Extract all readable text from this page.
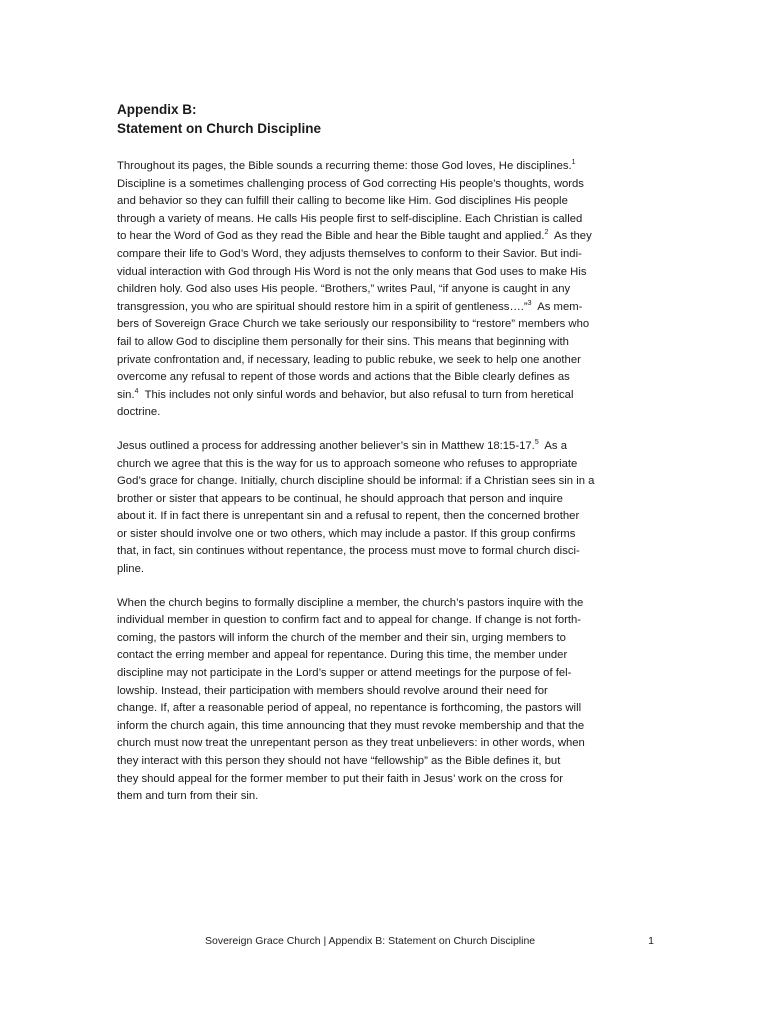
Appendix B:
Statement on Church Discipline

Throughout its pages, the Bible sounds a recurring theme: those God loves, He disciplines.$^1$
Discipline is a sometimes challenging process of God correcting His people’s thoughts, words
and behavior so they can fulfill their calling to become like Him. God disciplines His people
through a variety of means. He calls His people first to self-discipline. Each Christian is called
to hear the Word of God as they read the Bible and hear the Bible taught and applied.$^2$  As they
compare their life to God’s Word, they adjusts themselves to conform to their Savior. But indi-
vidual interaction with God through His Word is not the only means that God uses to make His
children holy. God also uses His people. “Brothers,” writes Paul, “if anyone is caught in any
transgression, you who are spiritual should restore him in a spirit of gentleness….”$^3$  As mem-
bers of Sovereign Grace Church we take seriously our responsibility to “restore” members who
fail to allow God to discipline them personally for their sins. This means that beginning with
private confrontation and, if necessary, leading to public rebuke, we seek to help one another
overcome any refusal to repent of those words and actions that the Bible clearly defines as
sin.$^4$  This includes not only sinful words and behavior, but also refusal to turn from heretical
doctrine.

Jesus outlined a process for addressing another believer’s sin in Matthew 18:15-17.$^5$  As a
church we agree that this is the way for us to approach someone who refuses to appropriate
God’s grace for change. Initially, church discipline should be informal: if a Christian sees sin in a
brother or sister that appears to be continual, he should approach that person and inquire
about it. If in fact there is unrepentant sin and a refusal to repent, then the concerned brother
or sister should involve one or two others, which may include a pastor. If this group confirms
that, in fact, sin continues without repentance, the process must move to formal church disci-
pline.

When the church begins to formally discipline a member, the church’s pastors inquire with the
individual member in question to confirm fact and to appeal for change. If change is not forth-
coming, the pastors will inform the church of the member and their sin, urging members to
contact the erring member and appeal for repentance. During this time, the member under
discipline may not participate in the Lord’s supper or attend meetings for the purpose of fel-
lowship. Instead, their participation with members should revolve around their need for
change. If, after a reasonable period of appeal, no repentance is forthcoming, the pastors will
inform the church again, this time announcing that they must revoke membership and that the
church must now treat the unrepentant person as they treat unbelievers: in other words, when
they interact with this person they should not have “fellowship” as the Bible defines it, but
they should appeal for the former member to put their faith in Jesus’ work on the cross for
them and turn from their sin.

Sovereign Grace Church | Appendix B: Statement on Church Discipline	1
